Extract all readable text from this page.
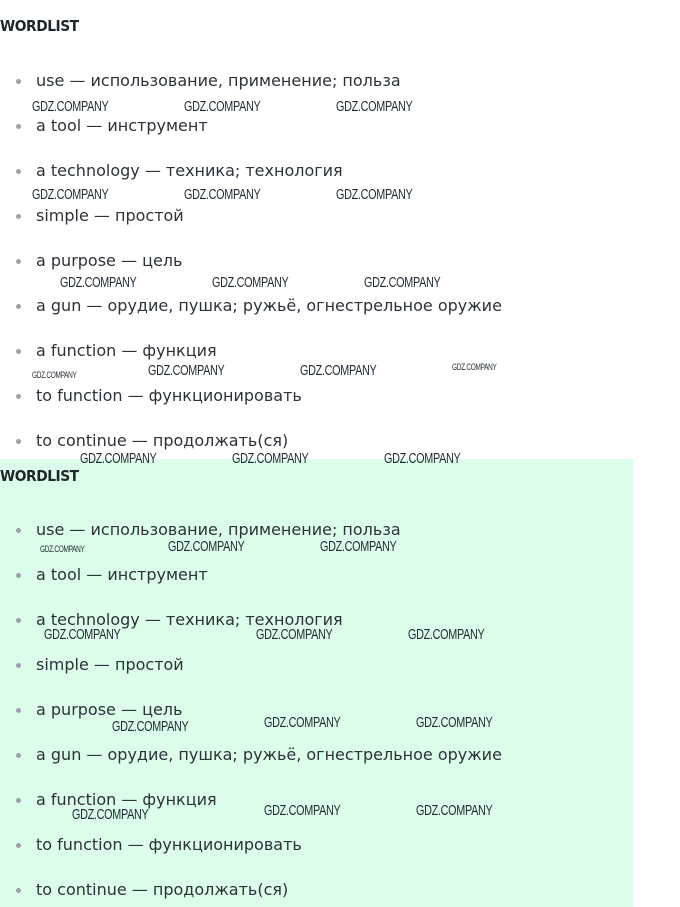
WORDLIST
use — использование, применение; польза
a tool — инструмент
a technology — техника; технология
simple — простой
a purpose — цель
a gun — орудие, пушка; ружьё, огнестрельное оружие
a function — функция
to function — функционировать
to continue — продолжать(ся)
WORDLIST
use — использование, применение; польза
a tool — инструмент
a technology — техника; технология
simple — простой
a purpose — цель
a gun — орудие, пушка; ружьё, огнестрельное оружие
a function — функция
to function — функционировать
to continue — продолжать(ся)
GDZ.COMPANY	GDZ.COMPANY	GDZ.COMPANY
GDZ.COMPANY	GDZ.COMPANY	GDZ.COMPANY
GDZ.COMPANY	GDZ.COMPANY	GDZ.COMPANY
GDZ.COMPANY	GDZ.COMPANY	GDZ.COMPANY	GDZ.COMPANY
GDZ.COMPANY	GDZ.COMPANY	GDZ.COMPANY
GDZ.COMPANY	GDZ.COMPANY	GDZ.COMPANY
GDZ.COMPANY	GDZ.COMPANY	GDZ.COMPANY
GDZ.COMPANY	GDZ.COMPANY	GDZ.COMPANY
GDZ.COMPANY	GDZ.COMPANY	GDZ.COMPANY
